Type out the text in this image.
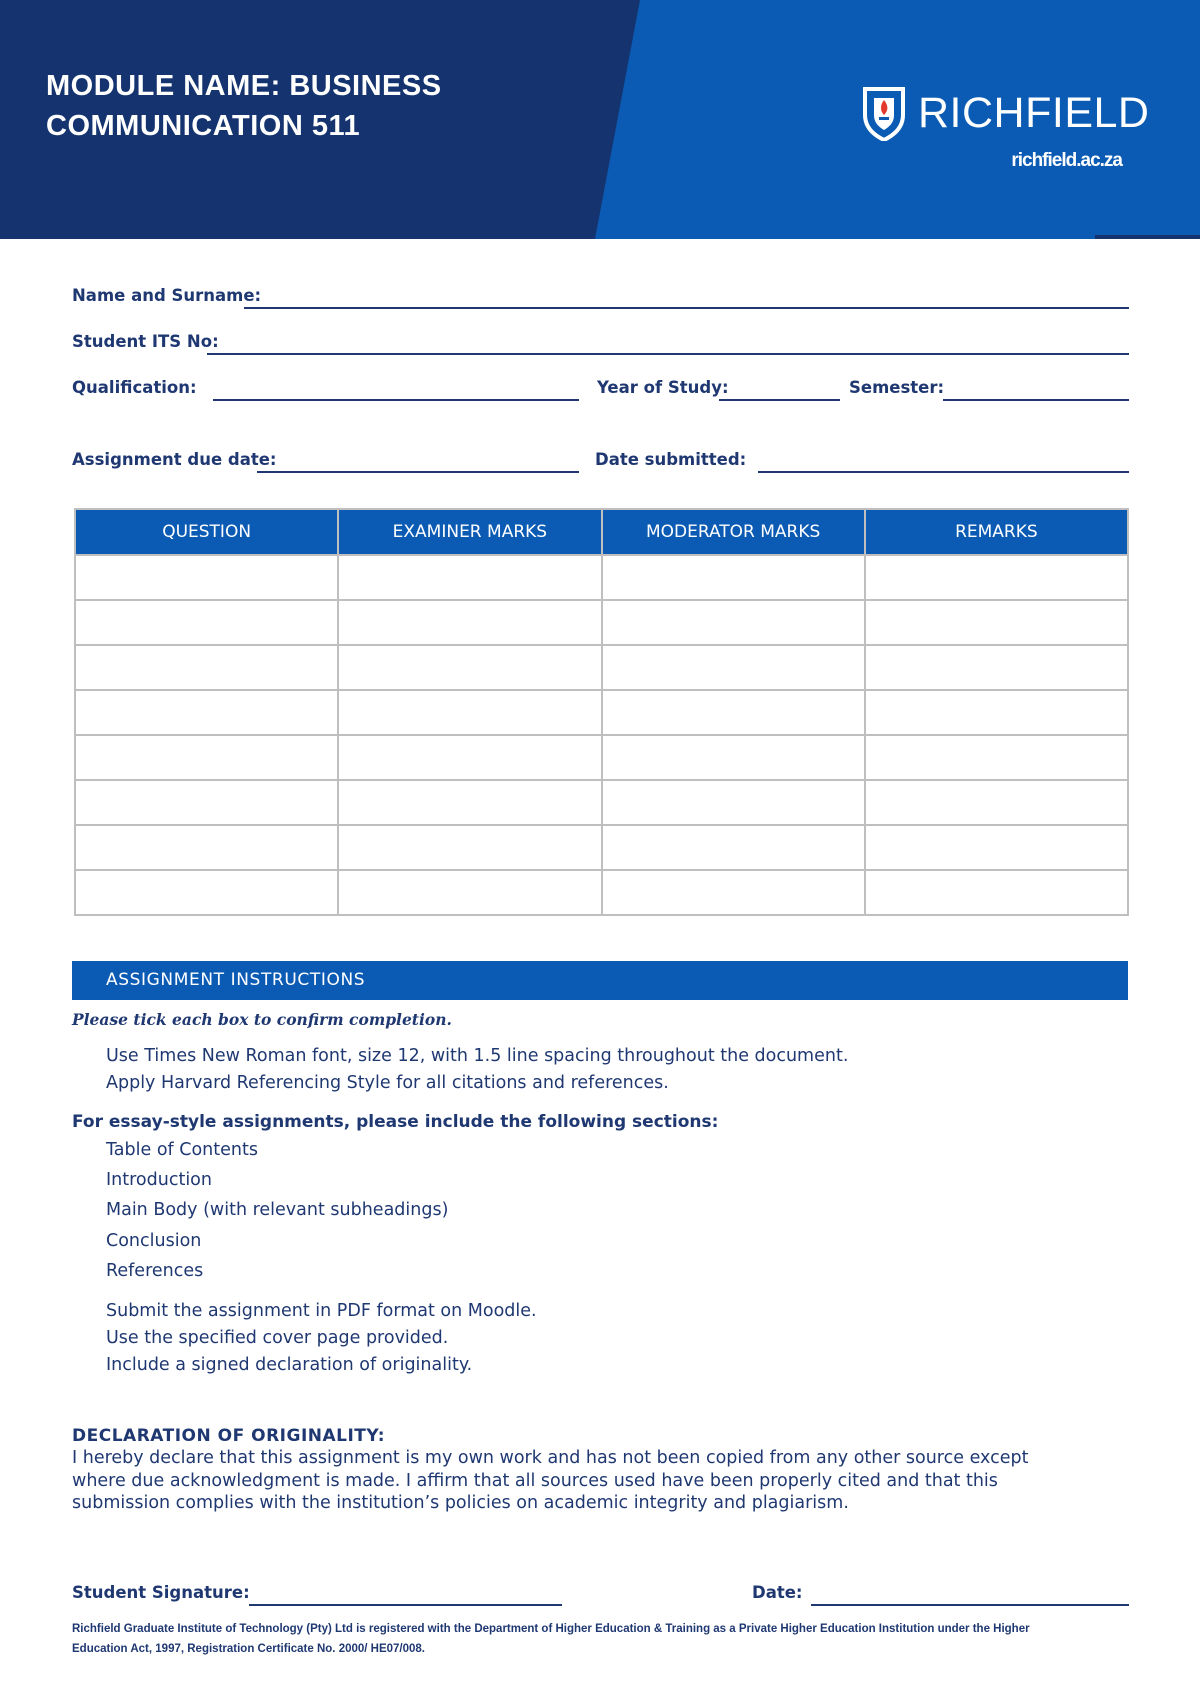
MODULE NAME: BUSINESS COMMUNICATION 511	RICHFIELD
richfield.ac.za
Name and Surname:
Student ITS No:
Qualification:	Year of Study:	Semester:
Assignment due date:	Date submitted:
QUESTION	EXAMINER MARKS	MODERATOR MARKS	REMARKS

ASSIGNMENT INSTRUCTIONS
Please tick each box to confirm completion.
Use Times New Roman font, size 12, with 1.5 line spacing throughout the document.
Apply Harvard Referencing Style for all citations and references.
For essay-style assignments, please include the following sections:
Table of Contents
Introduction
Main Body (with relevant subheadings)
Conclusion
References
Submit the assignment in PDF format on Moodle.
Use the specified cover page provided.
Include a signed declaration of originality.
DECLARATION OF ORIGINALITY:
I hereby declare that this assignment is my own work and has not been copied from any other source except where due acknowledgment is made. I affirm that all sources used have been properly cited and that this submission complies with the institution’s policies on academic integrity and plagiarism.
Student Signature:	Date:
Richfield Graduate Institute of Technology (Pty) Ltd is registered with the Department of Higher Education & Training as a Private Higher Education Institution under the Higher Education Act, 1997, Registration Certificate No. 2000/ HE07/008.
